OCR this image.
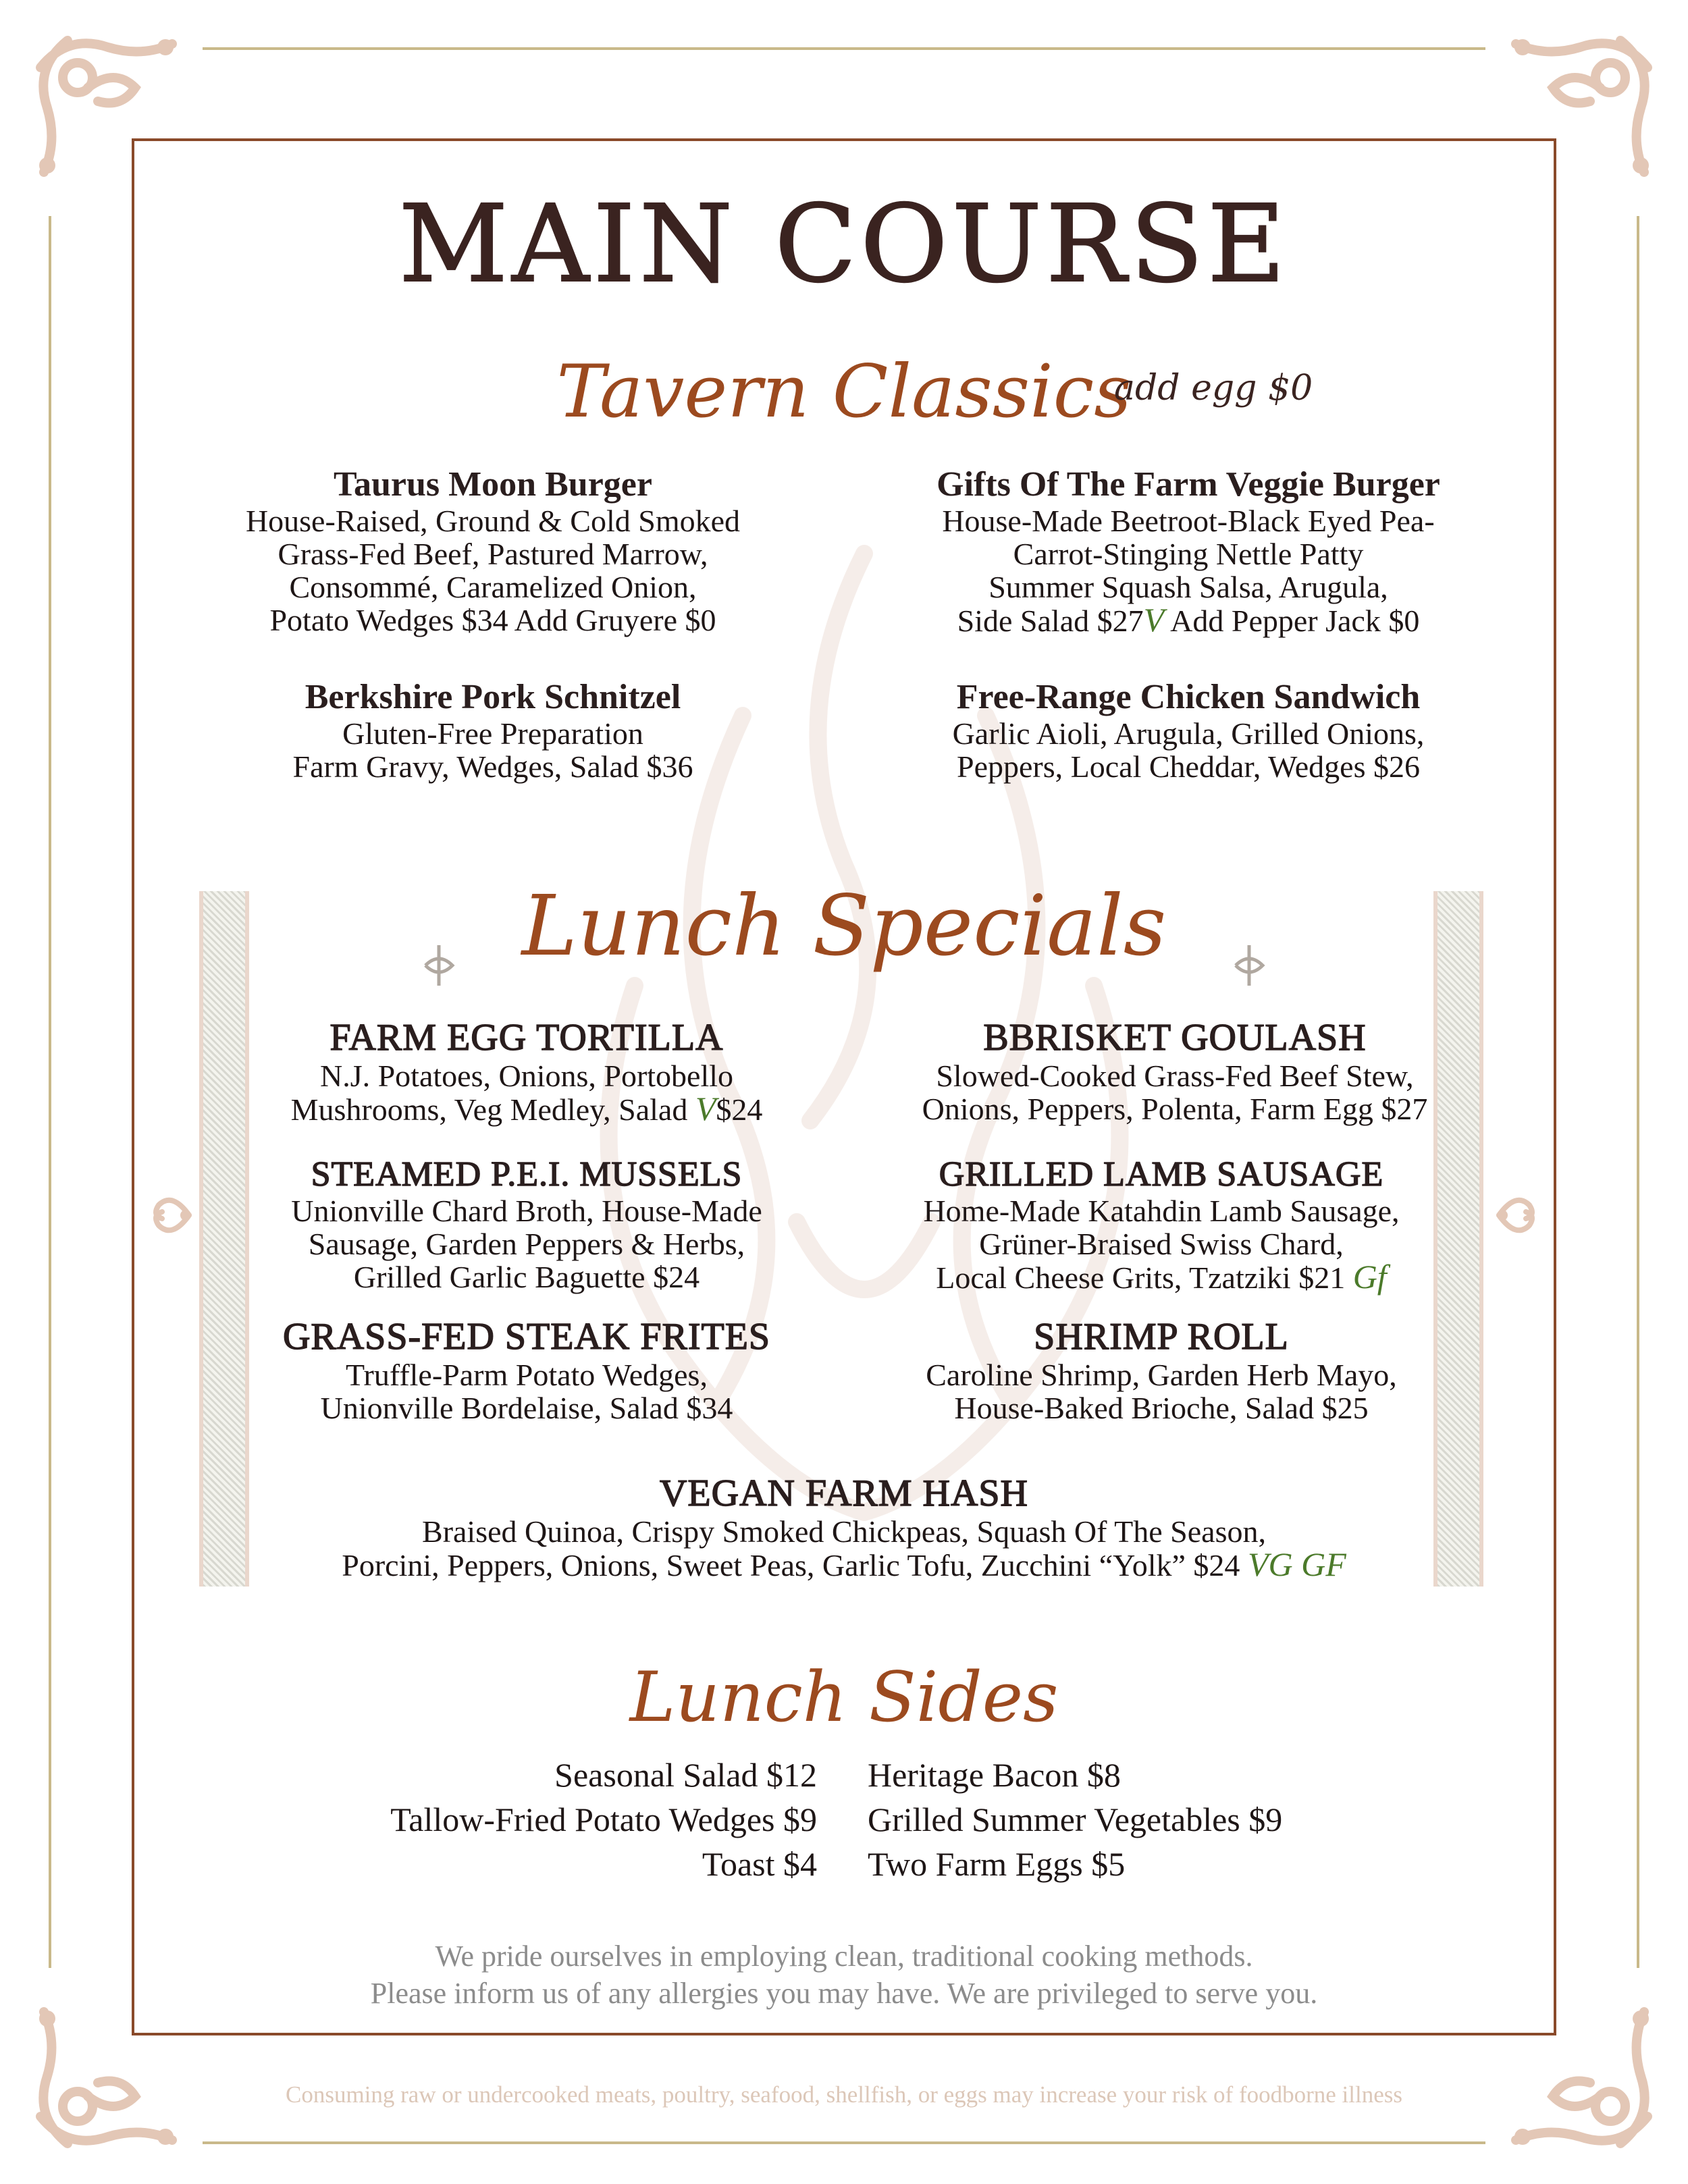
MAIN COURSE
Tavern Classics
add egg $0
Taurus Moon Burger
House-Raised, Ground & Cold Smoked
Grass-Fed Beef, Pastured Marrow,
Consommé, Caramelized Onion,
Potato Wedges $34 Add Gruyere $0
Gifts Of The Farm Veggie Burger
House-Made Beetroot-Black Eyed Pea-
Carrot-Stinging Nettle Patty
Summer Squash Salsa, Arugula,
Side Salad $27V Add Pepper Jack $0
Berkshire Pork Schnitzel
Gluten-Free Preparation
Farm Gravy, Wedges, Salad $36
Free-Range Chicken Sandwich
Garlic Aioli, Arugula, Grilled Onions,
Peppers, Local Cheddar, Wedges $26
Lunch Specials
FARM EGG TORTILLA
N.J. Potatoes, Onions, Portobello
Mushrooms, Veg Medley, Salad V$24
BBRISKET GOULASH
Slowed-Cooked Grass-Fed Beef Stew,
Onions, Peppers, Polenta, Farm Egg $27
STEAMED P.E.I. MUSSELS
Unionville Chard Broth, House-Made
Sausage, Garden Peppers & Herbs,
Grilled Garlic Baguette $24
GRILLED LAMB SAUSAGE
Home-Made Katahdin Lamb Sausage,
Grüner-Braised Swiss Chard,
Local Cheese Grits, Tzatziki $21 Gf
GRASS-FED STEAK FRITES
Truffle-Parm Potato Wedges,
Unionville Bordelaise, Salad $34
SHRIMP ROLL
Caroline Shrimp, Garden Herb Mayo,
House-Baked Brioche, Salad $25
VEGAN FARM HASH
Braised Quinoa, Crispy Smoked Chickpeas, Squash Of The Season,
Porcini, Peppers, Onions, Sweet Peas, Garlic Tofu, Zucchini “Yolk” $24 VG GF
Lunch Sides
Seasonal Salad $12
Tallow-Fried Potato Wedges $9
Toast $4
Heritage Bacon $8
Grilled Summer Vegetables $9
Two Farm Eggs $5
We pride ourselves in employing clean, traditional cooking methods.
Please inform us of any allergies you may have. We are privileged to serve you.
Consuming raw or undercooked meats, poultry, seafood, shellfish, or eggs may increase your risk of foodborne illness
